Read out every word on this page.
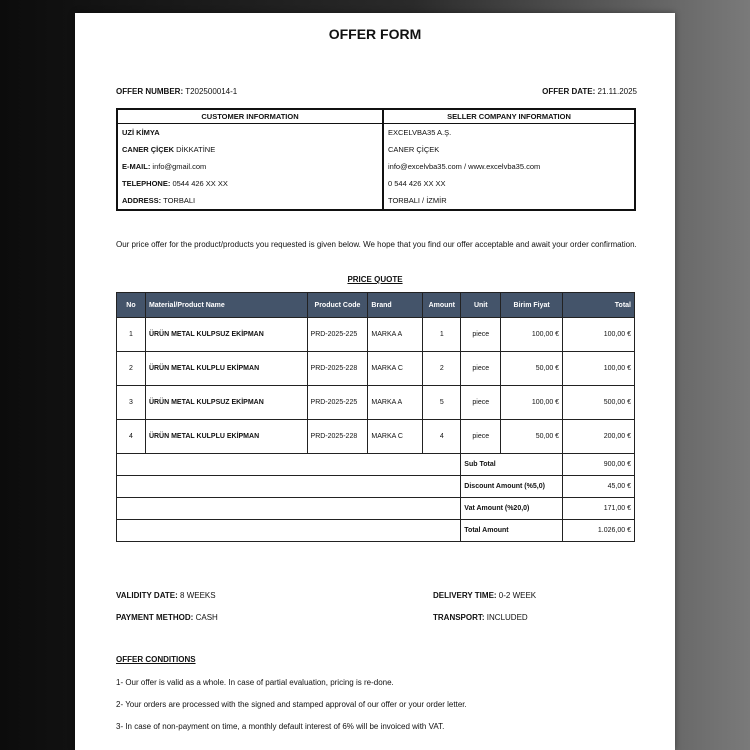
OFFER FORM
OFFER NUMBER: T202500014-1	OFFER DATE: 21.11.2025
CUSTOMER INFORMATION	SELLER COMPANY INFORMATION
UZİ KİMYA	EXCELVBA35 A.Ş.
CANER ÇİÇEK DİKKATİNE	CANER ÇİÇEK
E-MAIL: info@gmail.com	info@excelvba35.com / www.excelvba35.com
TELEPHONE: 0544 426 XX XX	0 544 426 XX XX
ADDRESS: TORBALI	TORBALI / İZMİR
Our price offer for the product/products you requested is given below. We hope that you find our offer acceptable and await your order confirmation.
PRICE QUOTE
No	Material/Product Name	Product Code	Brand	Amount	Unit	Birim Fiyat	Total
1	ÜRÜN METAL KULPSUZ EKİPMAN	PRD-2025-225	MARKA A	1	piece	100,00 €	100,00 €
2	ÜRÜN METAL KULPLU EKİPMAN	PRD-2025-228	MARKA C	2	piece	50,00 €	100,00 €
3	ÜRÜN METAL KULPSUZ EKİPMAN	PRD-2025-225	MARKA A	5	piece	100,00 €	500,00 €
4	ÜRÜN METAL KULPLU EKİPMAN	PRD-2025-228	MARKA C	4	piece	50,00 €	200,00 €
					Sub Total		900,00 €
					Discount Amount (%5,0)		45,00 €
					Vat Amount (%20,0)		171,00 €
					Total Amount		1.026,00 €
VALIDITY DATE: 8 WEEKS	DELIVERY TIME: 0-2 WEEK
PAYMENT METHOD: CASH	TRANSPORT: INCLUDED
OFFER CONDITIONS
1- Our offer is valid as a whole. In case of partial evaluation, pricing is re-done.
2- Your orders are processed with the signed and stamped approval of our offer or your order letter.
3- In case of non-payment on time, a monthly default interest of 6% will be invoiced with VAT.
